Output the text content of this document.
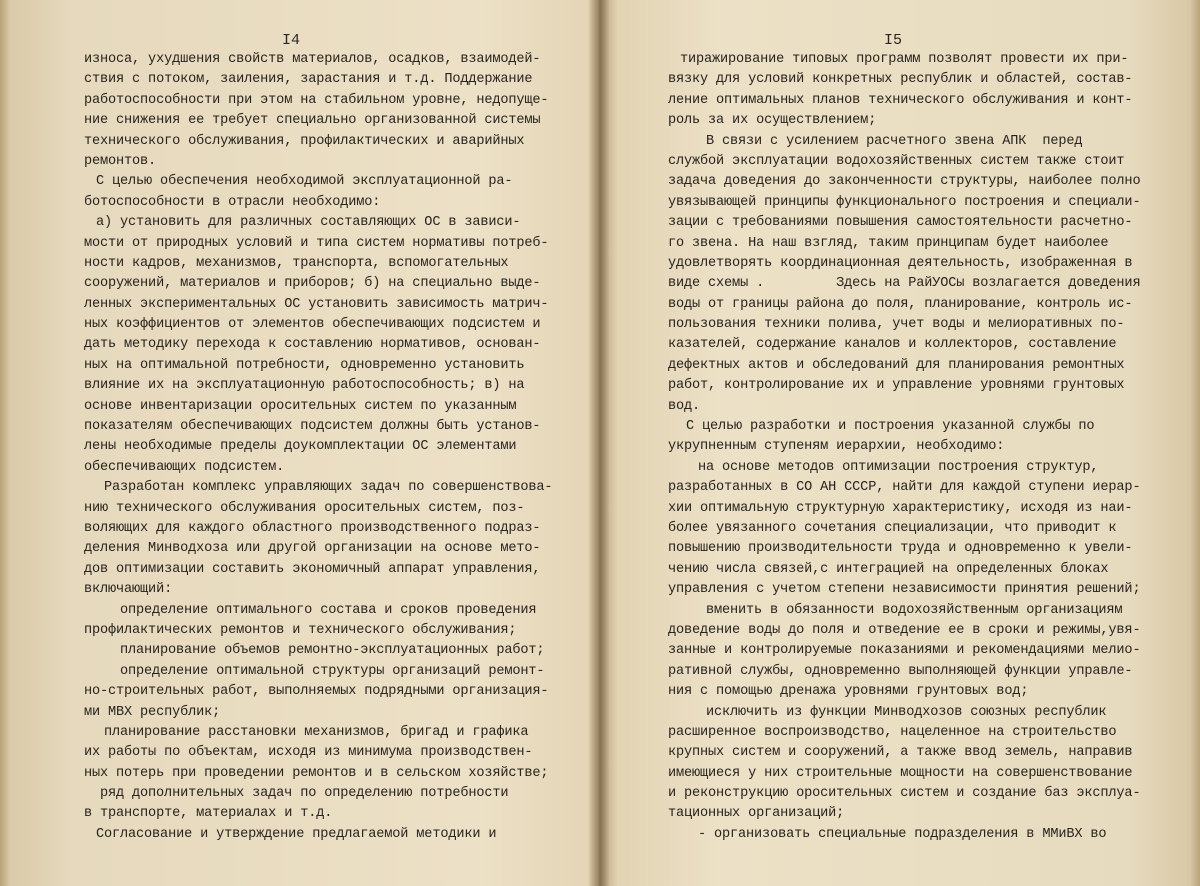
I4
износа, ухудшения свойств материалов, осадков, взаимодей-
ствия с потоком, заиления, зарастания и т.д. Поддержание
работоспособности при этом на стабильном уровне, недопуще-
ние снижения ее требует специально организованной системы
технического обслуживания, профилактических и аварийных
ремонтов.
С целью обеспечения необходимой эксплуатационной ра-
ботоспособности в отрасли необходимо:
а) установить для различных составляющих ОС в зависи-
мости от природных условий и типа систем нормативы потреб-
ности кадров, механизмов, транспорта, вспомогательных
сооружений, материалов и приборов; б) на специально выде-
ленных экспериментальных ОС установить зависимость матрич-
ных коэффициентов от элементов обеспечивающих подсистем и
дать методику перехода к составлению нормативов, основан-
ных на оптимальной потребности, одновременно установить
влияние их на эксплуатационную работоспособность; в) на
основе инвентаризации оросительных систем по указанным
показателям обеспечивающих подсистем должны быть установ-
лены необходимые пределы доукомплектации ОС элементами
обеспечивающих подсистем.
Разработан комплекс управляющих задач по совершенствова-
нию технического обслуживания оросительных систем, поз-
воляющих для каждого областного производственного подраз-
деления Минводхоза или другой организации на основе мето-
дов оптимизации составить экономичный аппарат управления,
включающий:
определение оптимального состава и сроков проведения
профилактических ремонтов и технического обслуживания;
планирование объемов ремонтно-эксплуатационных работ;
определение оптимальной структуры организаций ремонт-
но-строительных работ, выполняемых подрядными организация-
ми МВХ республик;
планирование расстановки механизмов, бригад и графика
их работы по объектам, исходя из минимума производствен-
ных потерь при проведении ремонтов и в сельском хозяйстве;
ряд дополнительных задач по определению потребности
в транспорте, материалах и т.д.
Согласование и утверждение предлагаемой методики и
I5
тиражирование типовых программ позволят провести их при-
вязку для условий конкретных республик и областей, состав-
ление оптимальных планов технического обслуживания и конт-
роль за их осуществлением;
В связи с усилением расчетного звена АПК  перед
службой эксплуатации водохозяйственных систем также стоит
задача доведения до законченности структуры, наиболее полно
увязывающей принципы функционального построения и специали-
зации с требованиями повышения самостоятельности расчетно-
го звена. На наш взгляд, таким принципам будет наиболее
удовлетворять координационная деятельность, изображенная в
виде схемы .         Здесь на РайУОСы возлагается доведения
воды от границы района до поля, планирование, контроль ис-
пользования техники полива, учет воды и мелиоративных по-
казателей, содержание каналов и коллекторов, составление
дефектных актов и обследований для планирования ремонтных
работ, контролирование их и управление уровнями грунтовых
вод.
С целью разработки и построения указанной службы по
укрупненным ступеням иерархии, необходимо:
на основе методов оптимизации построения структур,
разработанных в СО АН СССР, найти для каждой ступени иерар-
хии оптимальную структурную характеристику, исходя из наи-
более увязанного сочетания специализации, что приводит к
повышению производительности труда и одновременно к увели-
чению числа связей,с интеграцией на определенных блоках
управления с учетом степени независимости принятия решений;
вменить в обязанности водохозяйственным организациям
доведение воды до поля и отведение ее в сроки и режимы,увя-
занные и контролируемые показаниями и рекомендациями мелио-
ративной службы, одновременно выполняющей функции управле-
ния с помощью дренажа уровнями грунтовых вод;
исключить из функции Минводхозов союзных республик
расширенное воспроизводство, нацеленное на строительство
крупных систем и сооружений, а также ввод земель, направив
имеющиеся у них строительные мощности на совершенствование
и реконструкцию оросительных систем и создание баз эксплуа-
тационных организаций;
- организовать специальные подразделения в ММиВХ во
